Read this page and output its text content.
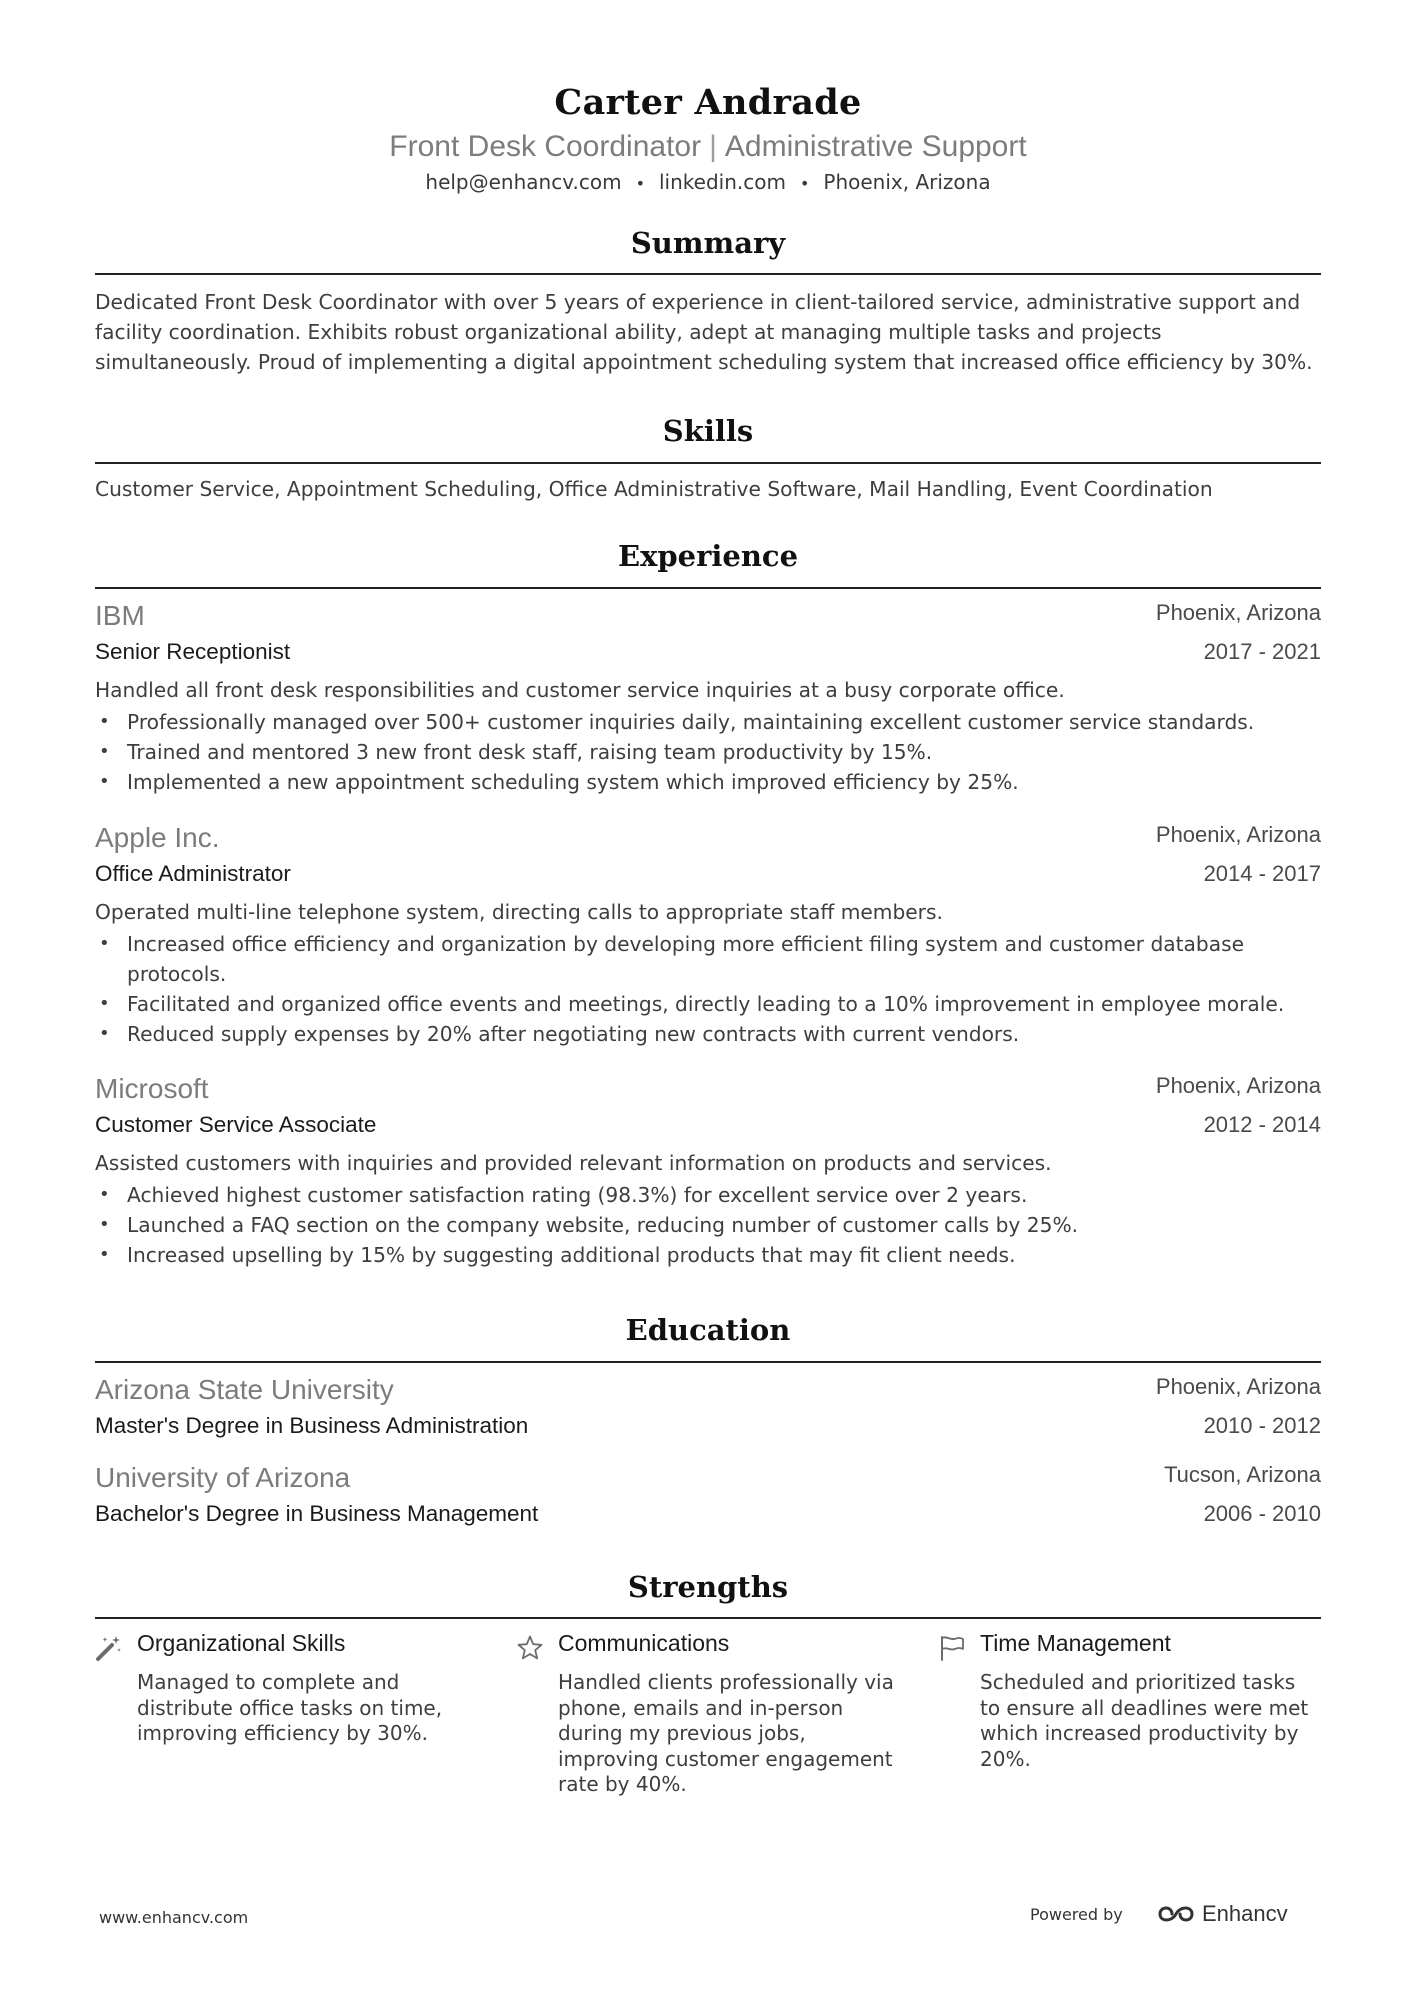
Carter Andrade
Front Desk Coordinator | Administrative Support
help@enhancv.com • linkedin.com • Phoenix, Arizona
Summary
Dedicated Front Desk Coordinator with over 5 years of experience in client-tailored service, administrative support and facility coordination. Exhibits robust organizational ability, adept at managing multiple tasks and projects simultaneously. Proud of implementing a digital appointment scheduling system that increased office efficiency by 30%.
Skills
Customer Service, Appointment Scheduling, Office Administrative Software, Mail Handling, Event Coordination
Experience
IBM	Phoenix, Arizona
Senior Receptionist	2017 - 2021
Handled all front desk responsibilities and customer service inquiries at a busy corporate office.
• Professionally managed over 500+ customer inquiries daily, maintaining excellent customer service standards.
• Trained and mentored 3 new front desk staff, raising team productivity by 15%.
• Implemented a new appointment scheduling system which improved efficiency by 25%.
Apple Inc.	Phoenix, Arizona
Office Administrator	2014 - 2017
Operated multi-line telephone system, directing calls to appropriate staff members.
• Increased office efficiency and organization by developing more efficient filing system and customer database protocols.
• Facilitated and organized office events and meetings, directly leading to a 10% improvement in employee morale.
• Reduced supply expenses by 20% after negotiating new contracts with current vendors.
Microsoft	Phoenix, Arizona
Customer Service Associate	2012 - 2014
Assisted customers with inquiries and provided relevant information on products and services.
• Achieved highest customer satisfaction rating (98.3%) for excellent service over 2 years.
• Launched a FAQ section on the company website, reducing number of customer calls by 25%.
• Increased upselling by 15% by suggesting additional products that may fit client needs.
Education
Arizona State University	Phoenix, Arizona
Master's Degree in Business Administration	2010 - 2012
University of Arizona	Tucson, Arizona
Bachelor's Degree in Business Management	2006 - 2010
Strengths
Organizational Skills
Managed to complete and distribute office tasks on time, improving efficiency by 30%.
Communications
Handled clients professionally via phone, emails and in-person during my previous jobs, improving customer engagement rate by 40%.
Time Management
Scheduled and prioritized tasks to ensure all deadlines were met which increased productivity by 20%.
www.enhancv.com	Powered by	Enhancv
